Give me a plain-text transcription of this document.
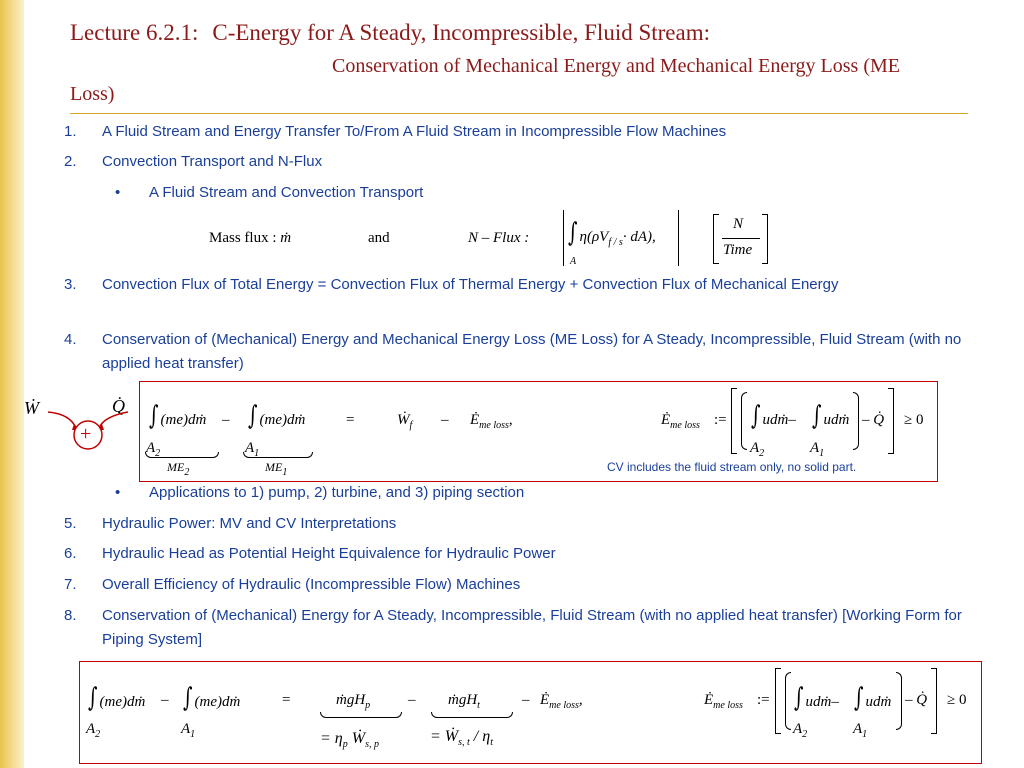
Lecture 6.2.1: C-Energy for A Steady, Incompressible, Fluid Stream:
Conservation of Mechanical Energy and Mechanical Energy Loss (ME
Loss)
1. A Fluid Stream and Energy Transfer To/From A Fluid Stream in Incompressible Flow Machines
2. Convection Transport and N-Flux
• A Fluid Stream and Convection Transport
Mass flux : ṁ	and	N – Flux : ∫ $\eta(\rho V_{f / s}\cdot dA)$,
A
N
Time
3. Convection Flux of Total Energy = Convection Flux of Thermal Energy + Convection Flux of Mechanical Energy
4. Conservation of (Mechanical) Energy and Mechanical Energy Loss (ME Loss) for A Steady, Incompressible, Fluid Stream (with no applied heat transfer)
Ẇ	Q̇
+
∫ (me)dṁ
$A_2$
– ∫ (me)dṁ
$A_1$
$ME_2$	$ME_1$
=	Ẇ$_f$ – $Ė_{me loss}$,	$Ė_{me loss}$ := ∫ udṁ– ∫ udṁ
$A_2$	$A_1$
– Q̇ ≥ 0
CV includes the fluid stream only, no solid part.
• Applications to 1) pump, 2) turbine, and 3) piping section
5. Hydraulic Power: MV and CV Interpretations
6. Hydraulic Head as Potential Height Equivalence for Hydraulic Power
7. Overall Efficiency of Hydraulic (Incompressible Flow) Machines
8. Conservation of (Mechanical) Energy for A Steady, Incompressible, Fluid Stream (with no applied heat transfer) [Working Form for Piping System]
∫ (me)dṁ
$A_2$
– ∫ (me)dṁ
$A_1$
=	ṁgH$_p$	– ṁgH$_t$	– $Ė_{me loss}$,
= $\eta_p$ Ẇ$_{s, p}$	= Ẇ$_{s, t}$ / $\eta_t$
$Ė_{me loss}$ := ∫ udṁ– ∫ udṁ
$A_2$	$A_1$
– Q̇ ≥ 0
